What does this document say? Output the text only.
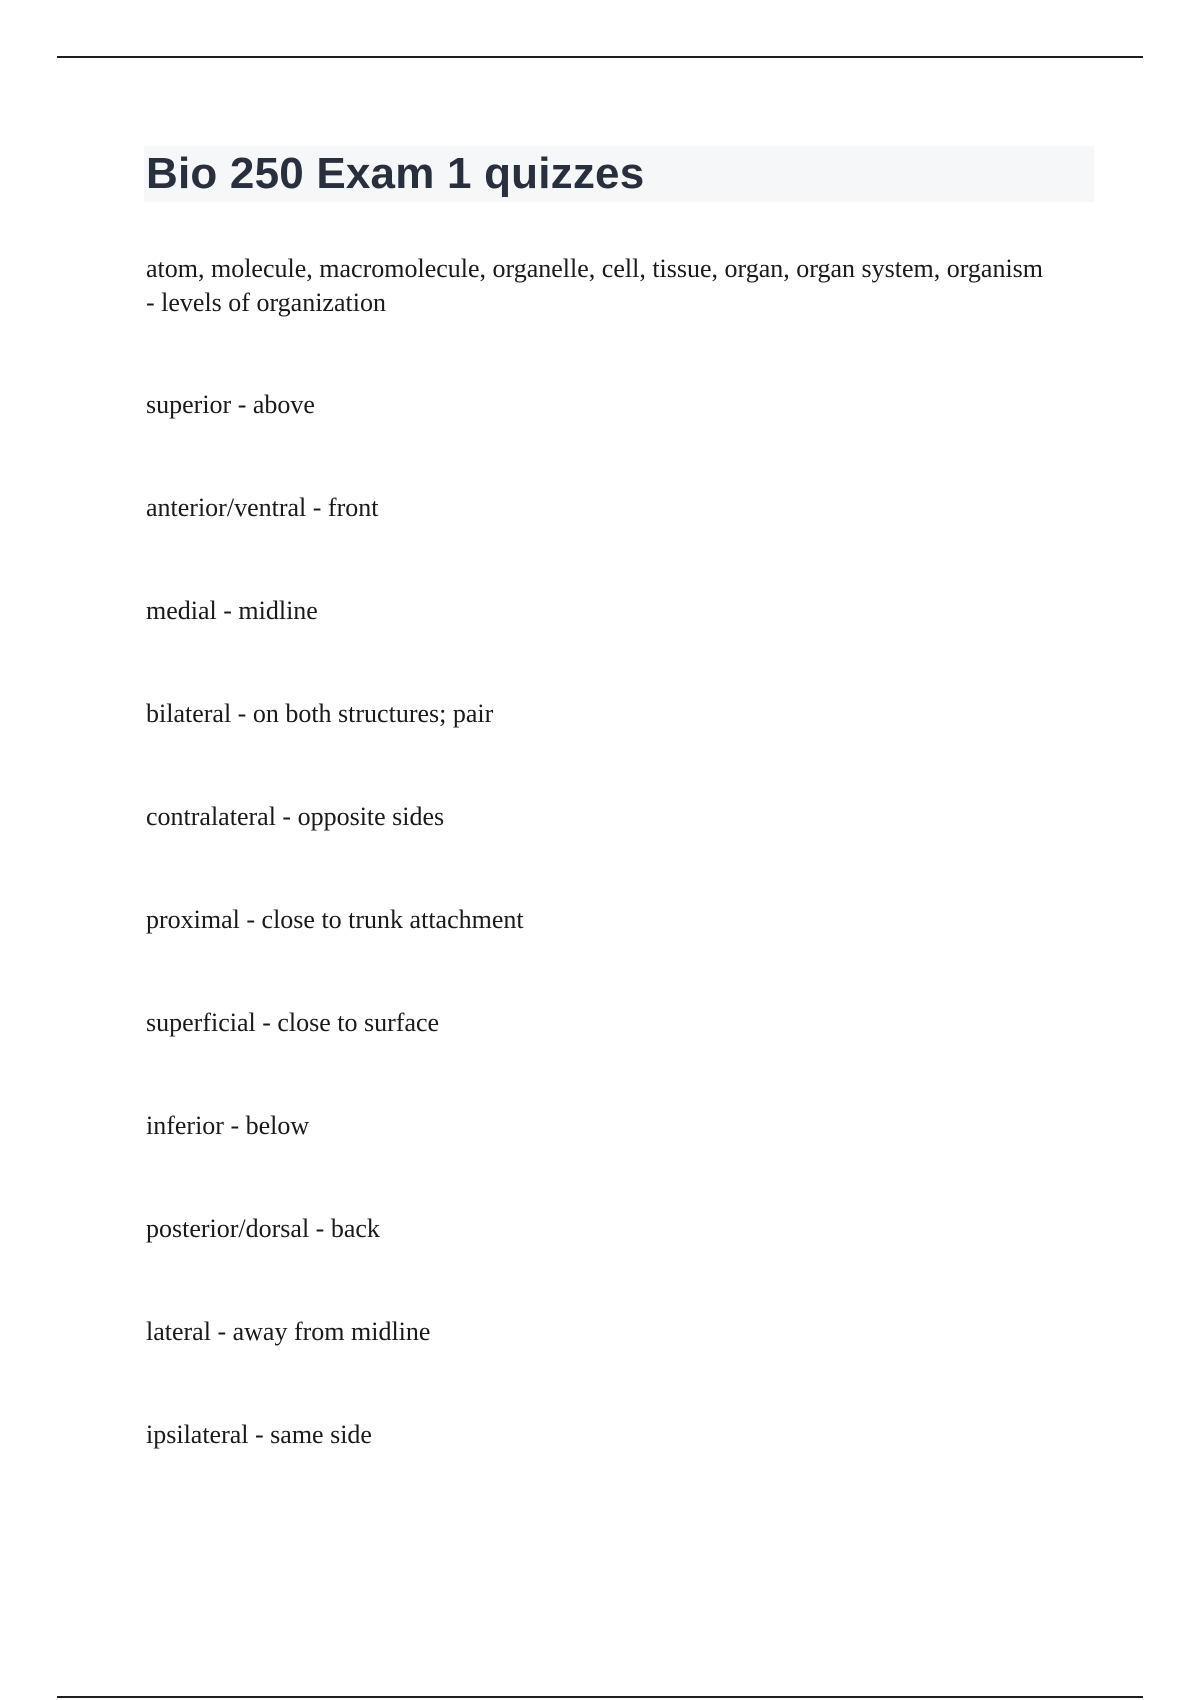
Bio 250 Exam 1 quizzes
atom, molecule, macromolecule, organelle, cell, tissue, organ, organ system, organism - levels of organization
superior - above
anterior/ventral - front
medial - midline
bilateral - on both structures; pair
contralateral - opposite sides
proximal - close to trunk attachment
superficial - close to surface
inferior - below
posterior/dorsal - back
lateral - away from midline
ipsilateral - same side
